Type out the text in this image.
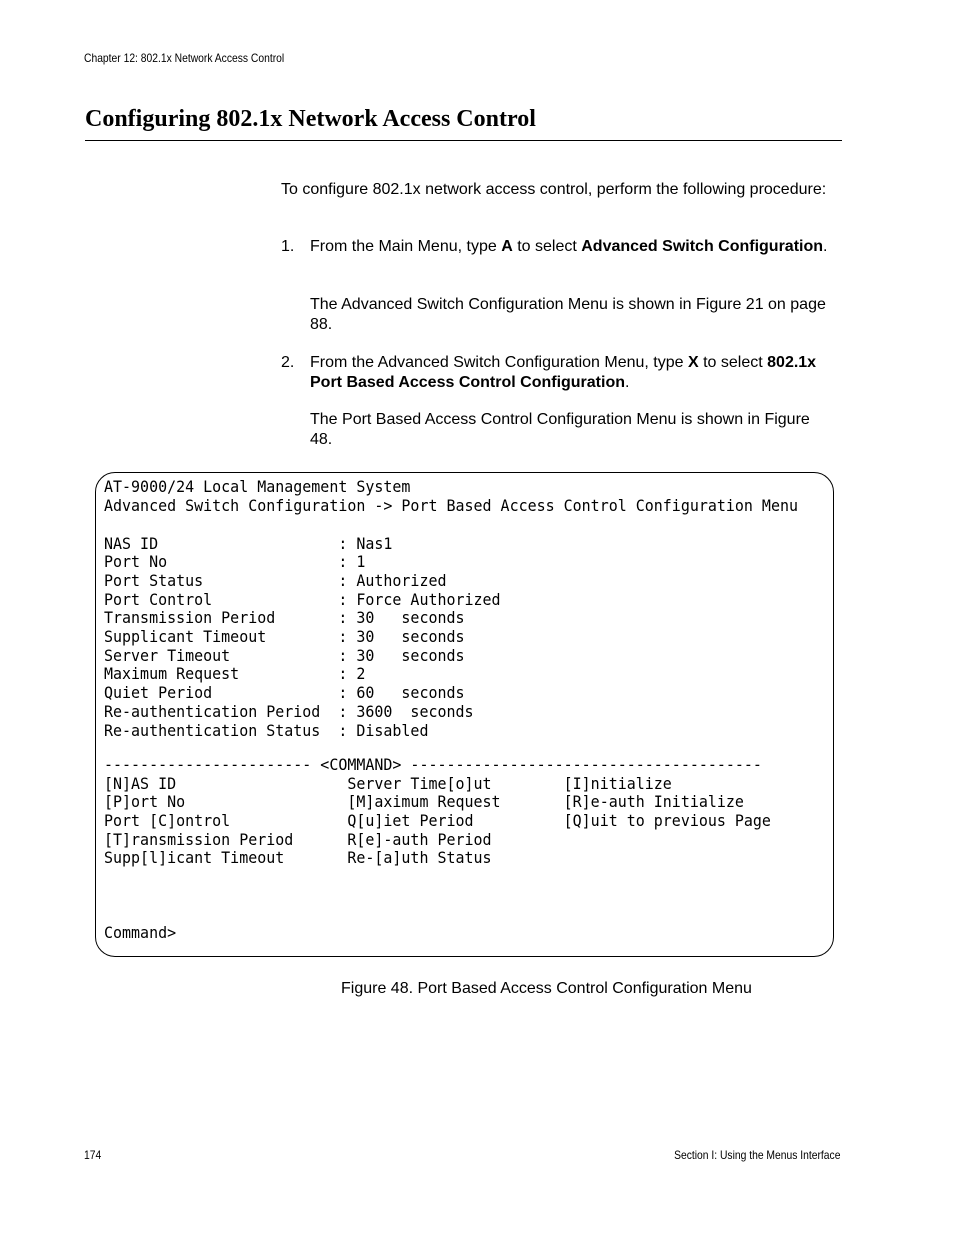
Chapter 12: 802.1x Network Access Control
Configuring 802.1x Network Access Control
To configure 802.1x network access control, perform the following procedure:
1. From the Main Menu, type A to select Advanced Switch Configuration.
The Advanced Switch Configuration Menu is shown in Figure 21 on page 88.
2. From the Advanced Switch Configuration Menu, type X to select 802.1x Port Based Access Control Configuration.
The Port Based Access Control Configuration Menu is shown in Figure 48.
AT-9000/24 Local Management System
Advanced Switch Configuration -> Port Based Access Control Configuration Menu
NAS ID                    : Nas1
Port No                   : 1
Port Status               : Authorized
Port Control              : Force Authorized
Transmission Period       : 30   seconds
Supplicant Timeout        : 30   seconds
Server Timeout            : 30   seconds
Maximum Request           : 2
Quiet Period              : 60   seconds
Re-authentication Period  : 3600  seconds
Re-authentication Status  : Disabled
----------------------- <COMMAND> ---------------------------------------
[N]AS ID                   Server Time[o]ut        [I]nitialize
[P]ort No                  [M]aximum Request       [R]e-auth Initialize
Port [C]ontrol             Q[u]iet Period          [Q]uit to previous Page
[T]ransmission Period      R[e]-auth Period
Supp[l]icant Timeout       Re-[a]uth Status
Command>
Figure 48. Port Based Access Control Configuration Menu
174	Section I: Using the Menus Interface
